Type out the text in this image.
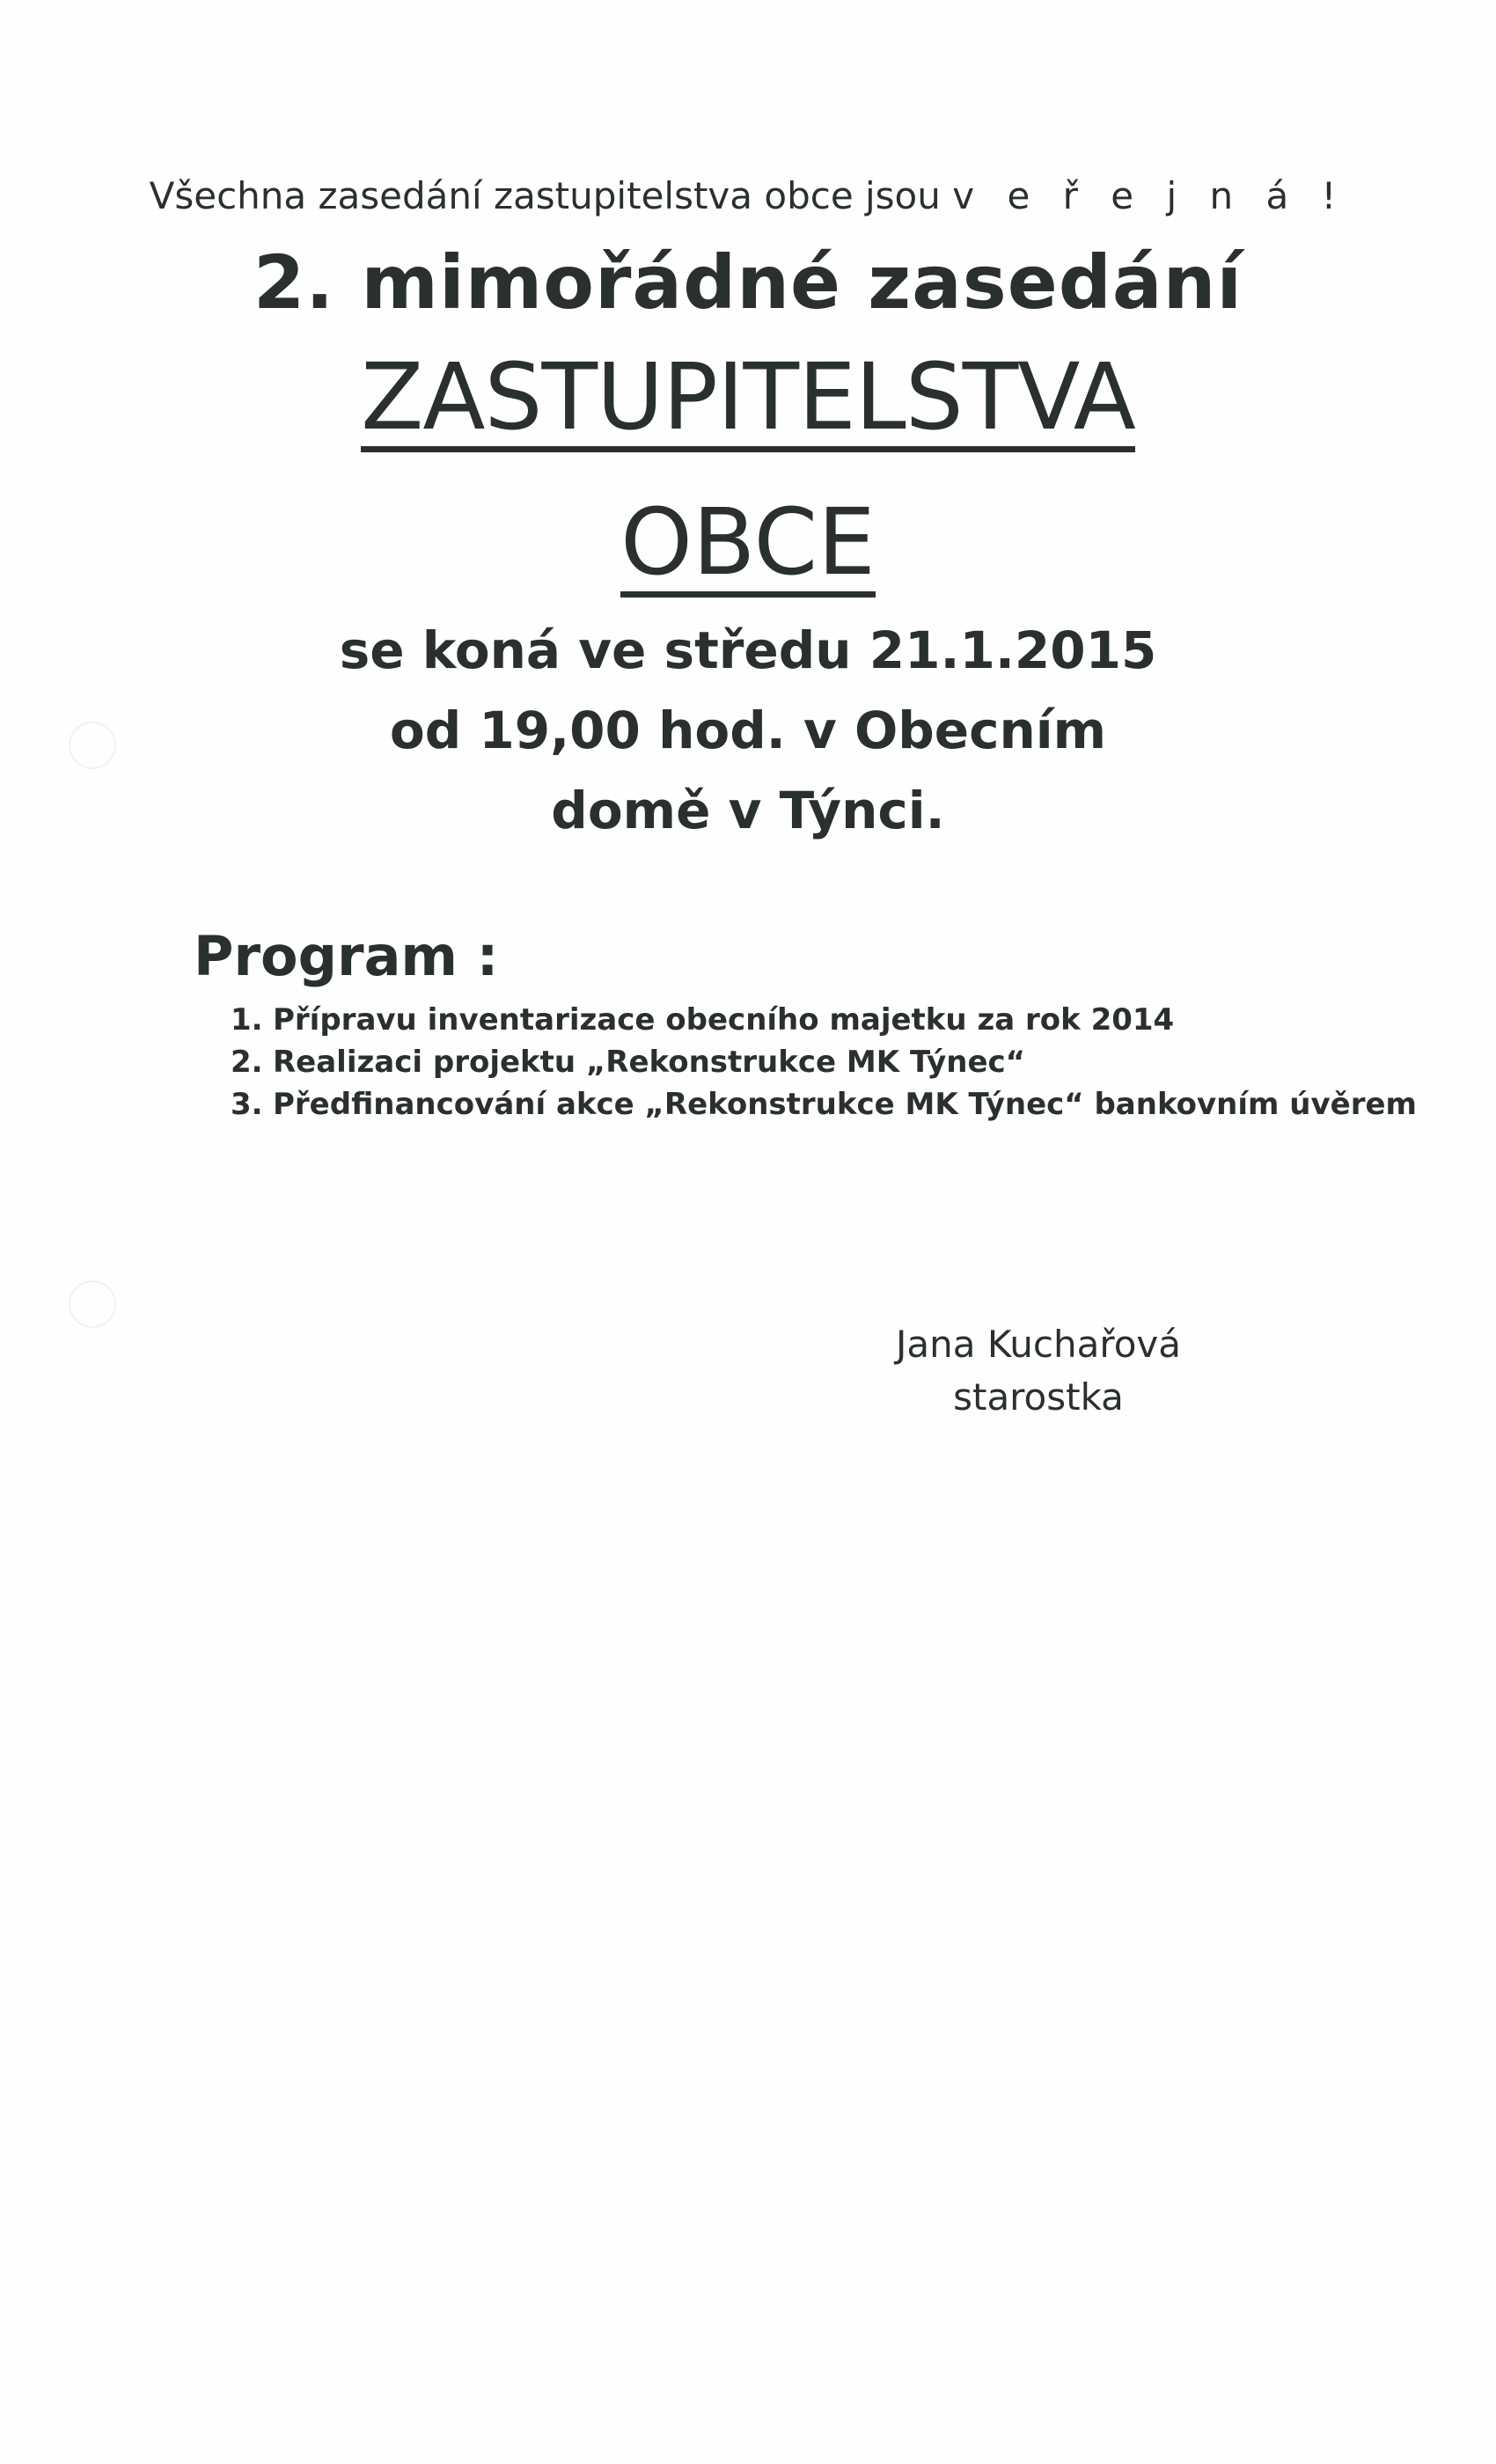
Všechna zasedání zastupitelstva obce jsou v e ř e j n á !
2. mimořádné zasedání
ZASTUPITELSTVA
OBCE
se koná ve středu 21.1.2015
od 19,00 hod. v Obecním
domě v Týnci.
Program :
1. Přípravu inventarizace obecního majetku za rok 2014
2. Realizaci projektu „Rekonstrukce MK Týnec“
3. Předfinancování akce „Rekonstrukce MK Týnec“ bankovním úvěrem
Jana Kuchařová
starostka
